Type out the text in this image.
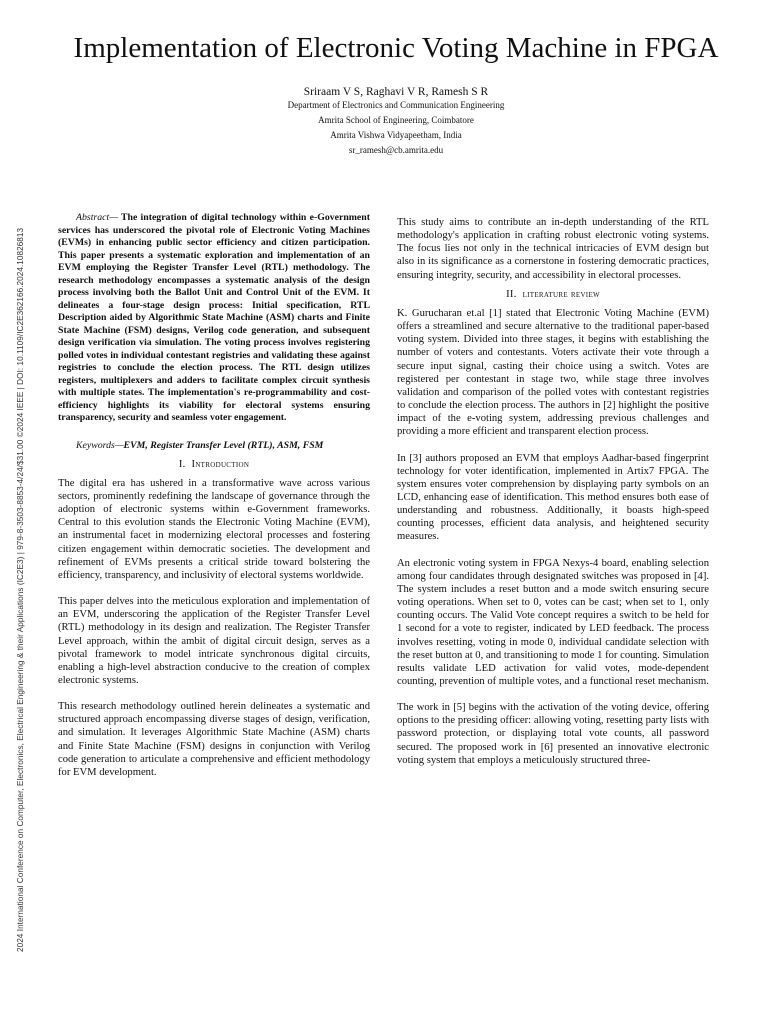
2024 International Conference on Computer, Electronics, Electrical Engineering & their Applications (IC2E3) | 979-8-3503-8853-4/24/$31.00 ©2024 IEEE | DOI: 10.1109/IC2E362166.2024.10826813
Implementation of Electronic Voting Machine in FPGA
Sriraam V S, Raghavi V R, Ramesh S R
Department of Electronics and Communication Engineering
Amrita School of Engineering, Coimbatore
Amrita Vishwa Vidyapeetham, India
sr_ramesh@cb.amrita.edu

Abstract— The integration of digital technology within e-Government services has underscored the pivotal role of Electronic Voting Machines (EVMs) in enhancing public sector efficiency and citizen participation. This paper presents a systematic exploration and implementation of an EVM employing the Register Transfer Level (RTL) methodology. The research methodology encompasses a systematic analysis of the design process involving both the Ballot Unit and Control Unit of the EVM. It delineates a four-stage design process: Initial specification, RTL Description aided by Algorithmic State Machine (ASM) charts and Finite State Machine (FSM) designs, Verilog code generation, and subsequent design verification via simulation. The voting process involves registering polled votes in individual contestant registries and validating these against registries to conclude the election process. The RTL design utilizes registers, multiplexers and adders to facilitate complex circuit synthesis with multiple states. The implementation's re-programmability and cost-efficiency highlights its viability for electoral systems ensuring transparency, security and seamless voter engagement.

Keywords—EVM, Register Transfer Level (RTL), ASM, FSM

I. Introduction

The digital era has ushered in a transformative wave across various sectors, prominently redefining the landscape of governance through the adoption of electronic systems within e-Government frameworks. Central to this evolution stands the Electronic Voting Machine (EVM), an instrumental facet in modernizing electoral processes and fostering citizen engagement within democratic societies. The development and refinement of EVMs presents a critical stride toward bolstering the efficiency, transparency, and inclusivity of electoral systems worldwide.

This paper delves into the meticulous exploration and implementation of an EVM, underscoring the application of the Register Transfer Level (RTL) methodology in its design and realization. The Register Transfer Level approach, within the ambit of digital circuit design, serves as a pivotal framework to model intricate synchronous digital circuits, enabling a high-level abstraction conducive to the creation of complex electronic systems.

This research methodology outlined herein delineates a systematic and structured approach encompassing diverse stages of design, verification, and simulation. It leverages Algorithmic State Machine (ASM) charts and Finite State Machine (FSM) designs in conjunction with Verilog code generation to articulate a comprehensive and efficient methodology for EVM development.

This study aims to contribute an in-depth understanding of the RTL methodology's application in crafting robust electronic voting systems. The focus lies not only in the technical intricacies of EVM design but also in its significance as a cornerstone in fostering democratic practices, ensuring integrity, security, and accessibility in electoral processes.

II. literature review

K. Gurucharan et.al [1] stated that Electronic Voting Machine (EVM) offers a streamlined and secure alternative to the traditional paper-based voting system. Divided into three stages, it begins with establishing the number of voters and contestants. Voters activate their vote through a secure input signal, casting their choice using a switch. Votes are registered per contestant in stage two, while stage three involves validation and comparison of the polled votes with contestant registries to conclude the election process. The authors in [2] highlight the positive impact of the e-voting system, addressing previous challenges and providing a more efficient and transparent election process.

In [3] authors proposed an EVM that employs Aadhar-based fingerprint technology for voter identification, implemented in Artix7 FPGA. The system ensures voter comprehension by displaying party symbols on an LCD, enhancing ease of identification. This method ensures both ease of understanding and robustness. Additionally, it boasts high-speed counting processes, efficient data analysis, and heightened security measures.

An electronic voting system in FPGA Nexys-4 board, enabling selection among four candidates through designated switches was proposed in [4]. The system includes a reset button and a mode switch ensuring secure voting operations. When set to 0, votes can be cast; when set to 1, only counting occurs. The Valid Vote concept requires a switch to be held for 1 second for a vote to register, indicated by LED feedback. The process involves resetting, voting in mode 0, individual candidate selection with the reset button at 0, and transitioning to mode 1 for counting. Simulation results validate LED activation for valid votes, mode-dependent counting, prevention of multiple votes, and a functional reset mechanism.

The work in [5] begins with the activation of the voting device, offering options to the presiding officer: allowing voting, resetting party lists with password protection, or displaying total vote counts, all password secured. The proposed work in [6] presented an innovative electronic voting system that employs a meticulously structured three-
